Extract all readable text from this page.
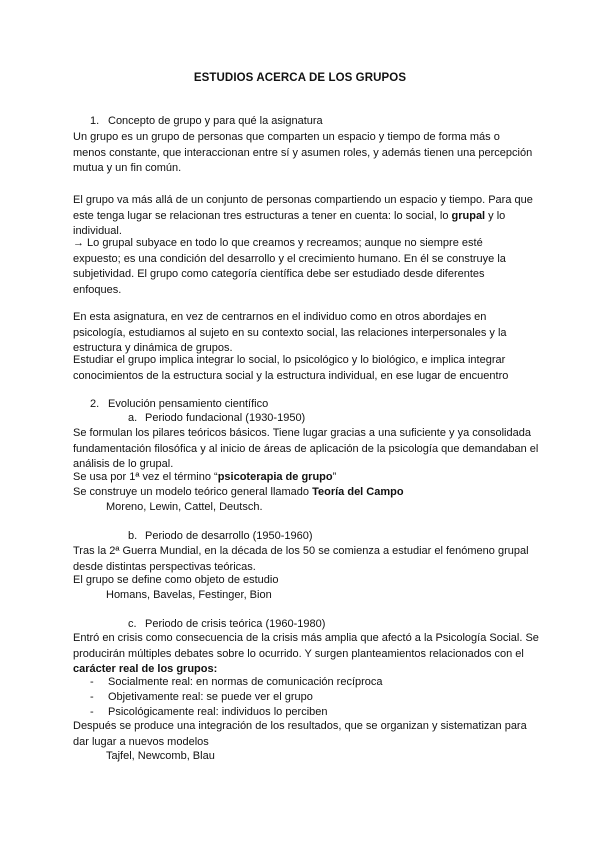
ESTUDIOS ACERCA DE LOS GRUPOS
1. Concepto de grupo y para qué la asignatura

Un grupo es un grupo de personas que comparten un espacio y tiempo de forma más o menos constante, que interaccionan entre sí y asumen roles, y además tienen una percepción mutua y un fin común.

El grupo va más allá de un conjunto de personas compartiendo un espacio y tiempo. Para que este tenga lugar se relacionan tres estructuras a tener en cuenta: lo social, lo grupal y lo individual.

→ Lo grupal subyace en todo lo que creamos y recreamos; aunque no siempre esté expuesto; es una condición del desarrollo y el crecimiento humano. En él se construye la subjetividad. El grupo como categoría científica debe ser estudiado desde diferentes enfoques.

En esta asignatura, en vez de centrarnos en el individuo como en otros abordajes en psicología, estudiamos al sujeto en su contexto social, las relaciones interpersonales y la estructura y dinámica de grupos.

Estudiar el grupo implica integrar lo social, lo psicológico y lo biológico, e implica integrar conocimientos de la estructura social y la estructura individual, en ese lugar de encuentro

2. Evolución pensamiento científico
a. Periodo fundacional (1930-1950)

Se formulan los pilares teóricos básicos. Tiene lugar gracias a una suficiente y ya consolidada fundamentación filosófica y al inicio de áreas de aplicación de la psicología que demandaban el análisis de lo grupal.

Se usa por 1ª vez el término “psicoterapia de grupo”
Se construye un modelo teórico general llamado Teoría del Campo
Moreno, Lewin, Cattel, Deutsch.
b. Periodo de desarrollo (1950-1960)

Tras la 2ª Guerra Mundial, en la década de los 50 se comienza a estudiar el fenómeno grupal desde distintas perspectivas teóricas.

El grupo se define como objeto de estudio
Homans, Bavelas, Festinger, Bion
c. Periodo de crisis teórica (1960-1980)

Entró en crisis como consecuencia de la crisis más amplia que afectó a la Psicología Social. Se producirán múltiples debates sobre lo ocurrido. Y surgen planteamientos relacionados con el carácter real de los grupos:

- Socialmente real: en normas de comunicación recíproca
- Objetivamente real: se puede ver el grupo
- Psicológicamente real: individuos lo perciben

Después se produce una integración de los resultados, que se organizan y sistematizan para dar lugar a nuevos modelos

Tajfel, Newcomb, Blau
